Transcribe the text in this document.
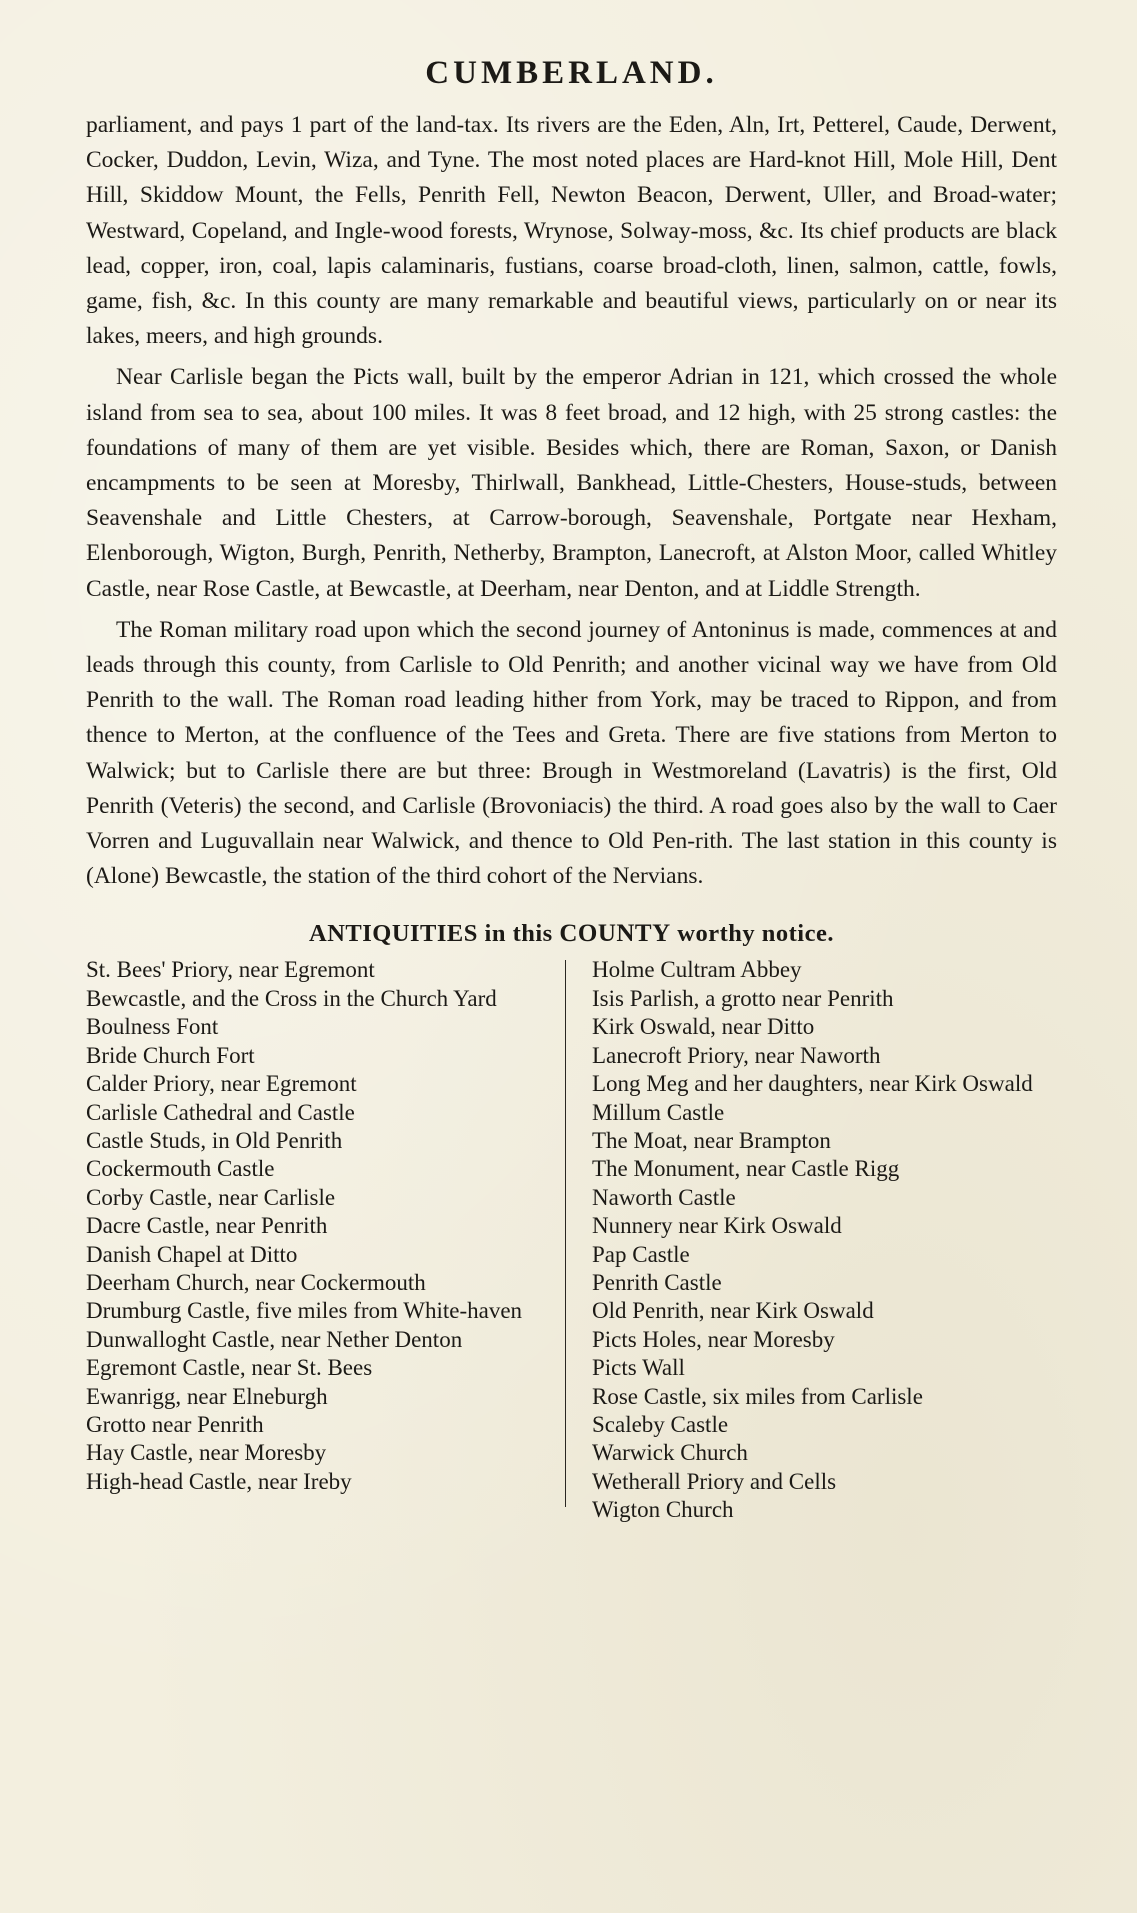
CUMBERLAND.

parliament, and pays 1 part of the land-tax. Its rivers are the Eden, Aln, Irt, Petterel, Caude, Derwent, Cocker, Duddon, Levin, Wiza, and Tyne. The most noted places are Hard-knot Hill, Mole Hill, Dent Hill, Skiddow Mount, the Fells, Penrith Fell, Newton Beacon, Derwent, Uller, and Broad-water; Westward, Copeland, and Ingle-wood forests, Wrynose, Solway-moss, &c. Its chief products are black lead, copper, iron, coal, lapis calaminaris, fustians, coarse broad-cloth, linen, salmon, cattle, fowls, game, fish, &c. In this county are many remarkable and beautiful views, particularly on or near its lakes, meers, and high grounds.

Near Carlisle began the Picts wall, built by the emperor Adrian in 121, which crossed the whole island from sea to sea, about 100 miles. It was 8 feet broad, and 12 high, with 25 strong castles: the foundations of many of them are yet visible. Besides which, there are Roman, Saxon, or Danish encampments to be seen at Moresby, Thirlwall, Bankhead, Little-Chesters, House-studs, between Seavenshale and Little Chesters, at Carrow-borough, Seavenshale, Portgate near Hexham, Elenborough, Wigton, Burgh, Penrith, Netherby, Brampton, Lanecroft, at Alston Moor, called Whitley Castle, near Rose Castle, at Bewcastle, at Deerham, near Denton, and at Liddle Strength.

The Roman military road upon which the second journey of Antoninus is made, commences at and leads through this county, from Carlisle to Old Penrith; and another vicinal way we have from Old Penrith to the wall. The Roman road leading hither from York, may be traced to Rippon, and from thence to Merton, at the confluence of the Tees and Greta. There are five stations from Merton to Walwick; but to Carlisle there are but three: Brough in Westmoreland (Lavatris) is the first, Old Penrith (Veteris) the second, and Carlisle (Brovoniacis) the third. A road goes also by the wall to Caer Vorren and Luguvallain near Walwick, and thence to Old Pen-rith. The last station in this county is (Alone) Bewcastle, the station of the third cohort of the Nervians.

ANTIQUITIES in this COUNTY worthy notice.
St. Bees' Priory, near Egremont
Bewcastle, and the Cross in the Church Yard
Boulness Font
Bride Church Fort
Calder Priory, near Egremont
Carlisle Cathedral and Castle
Castle Studs, in Old Penrith
Cockermouth Castle
Corby Castle, near Carlisle
Dacre Castle, near Penrith
Danish Chapel at Ditto
Deerham Church, near Cockermouth
Drumburg Castle, five miles from White-haven
Dunwalloght Castle, near Nether Denton
Egremont Castle, near St. Bees
Ewanrigg, near Elneburgh
Grotto near Penrith
Hay Castle, near Moresby
High-head Castle, near Ireby
Holme Cultram Abbey
Isis Parlish, a grotto near Penrith
Kirk Oswald, near Ditto
Lanecroft Priory, near Naworth
Long Meg and her daughters, near Kirk Oswald
Millum Castle
The Moat, near Brampton
The Monument, near Castle Rigg
Naworth Castle
Nunnery near Kirk Oswald
Pap Castle
Penrith Castle
Old Penrith, near Kirk Oswald
Picts Holes, near Moresby
Picts Wall
Rose Castle, six miles from Carlisle
Scaleby Castle
Warwick Church
Wetherall Priory and Cells
Wigton Church
